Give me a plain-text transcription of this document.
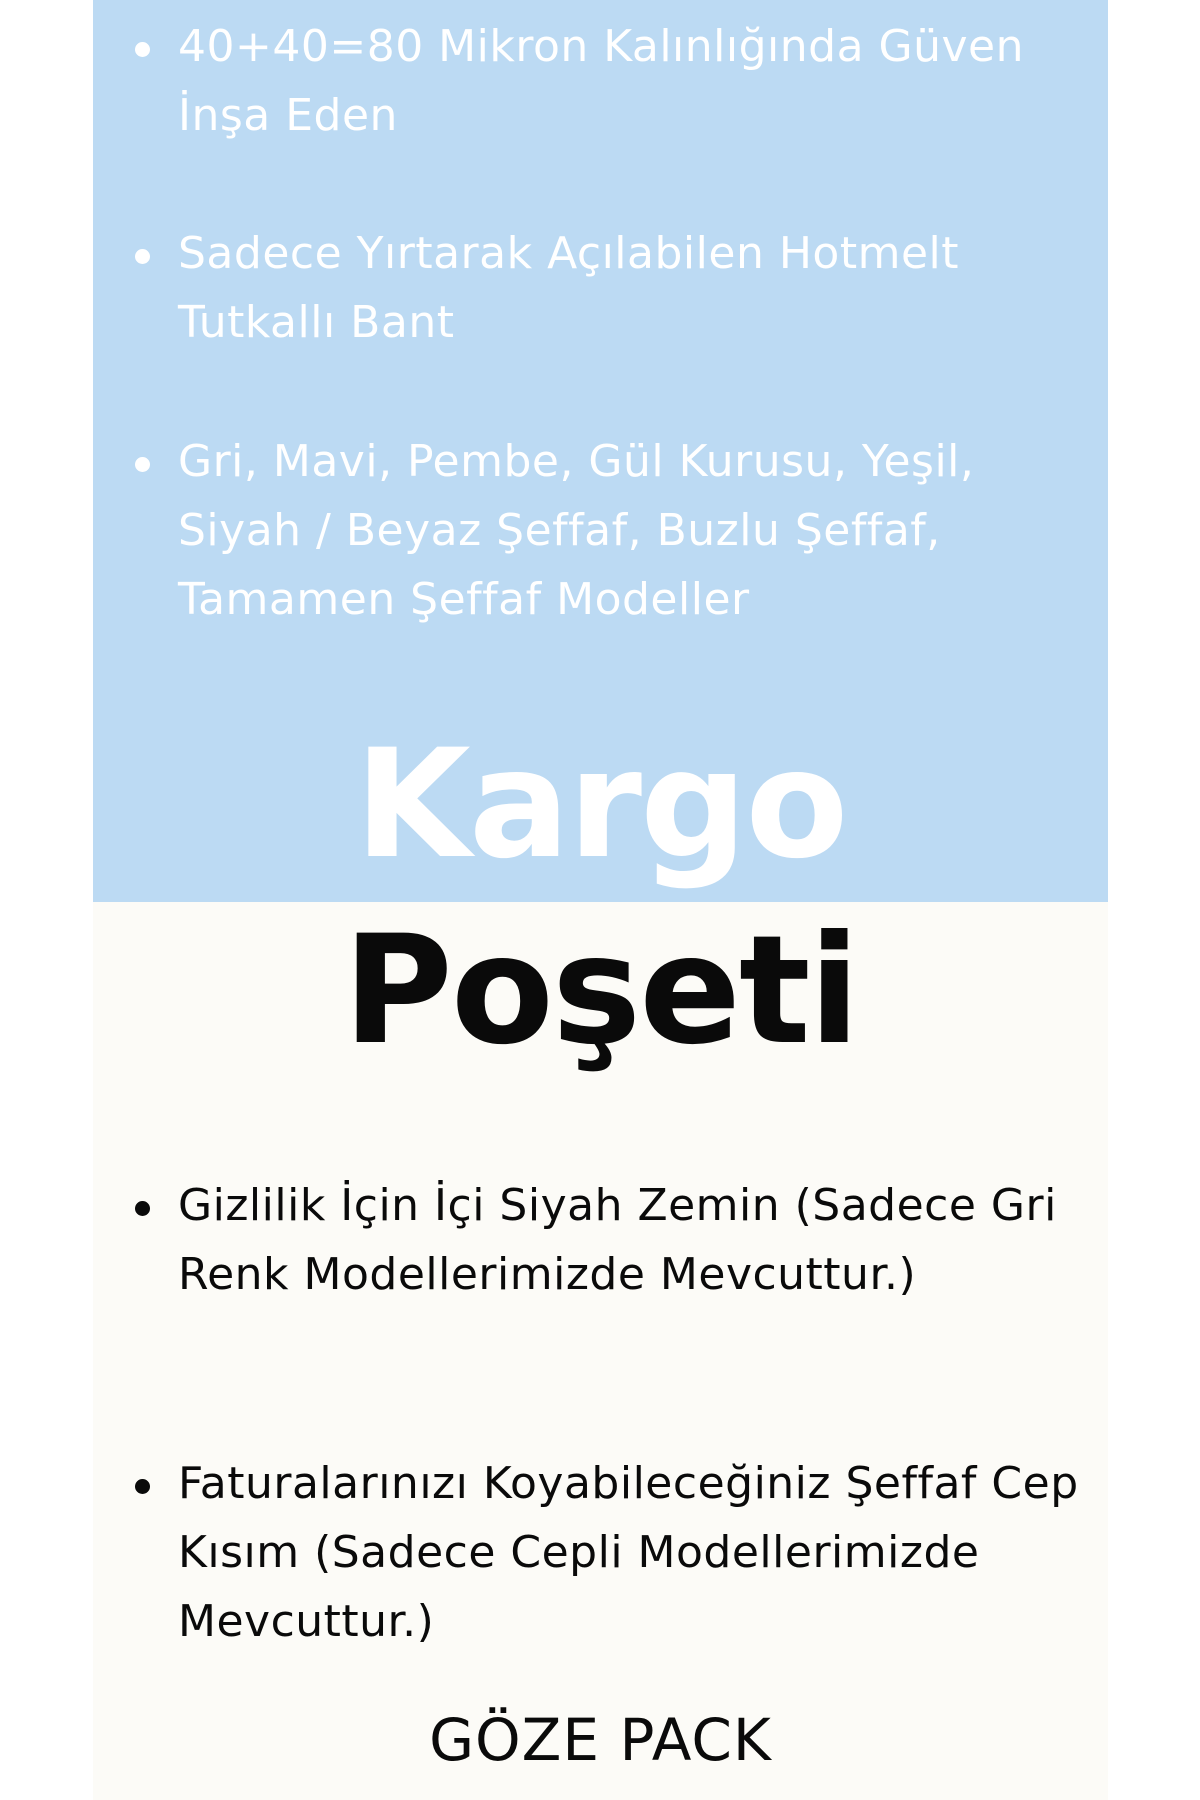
40+40=80 Mikron Kalınlığında Güven İnşa Eden
Sadece Yırtarak Açılabilen Hotmelt Tutkallı Bant
Gri, Mavi, Pembe, Gül Kurusu, Yeşil, Siyah / Beyaz Şeffaf, Buzlu Şeffaf, Tamamen Şeffaf Modeller
Kargo
Gizlilik İçin İçi Siyah Zemin (Sadece Gri Renk Modellerimizde Mevcuttur.)
Faturalarınızı Koyabileceğiniz Şeffaf Cep Kısım (Sadece Cepli Modellerimizde Mevcuttur.)
Poşeti
GÖZE PACK
